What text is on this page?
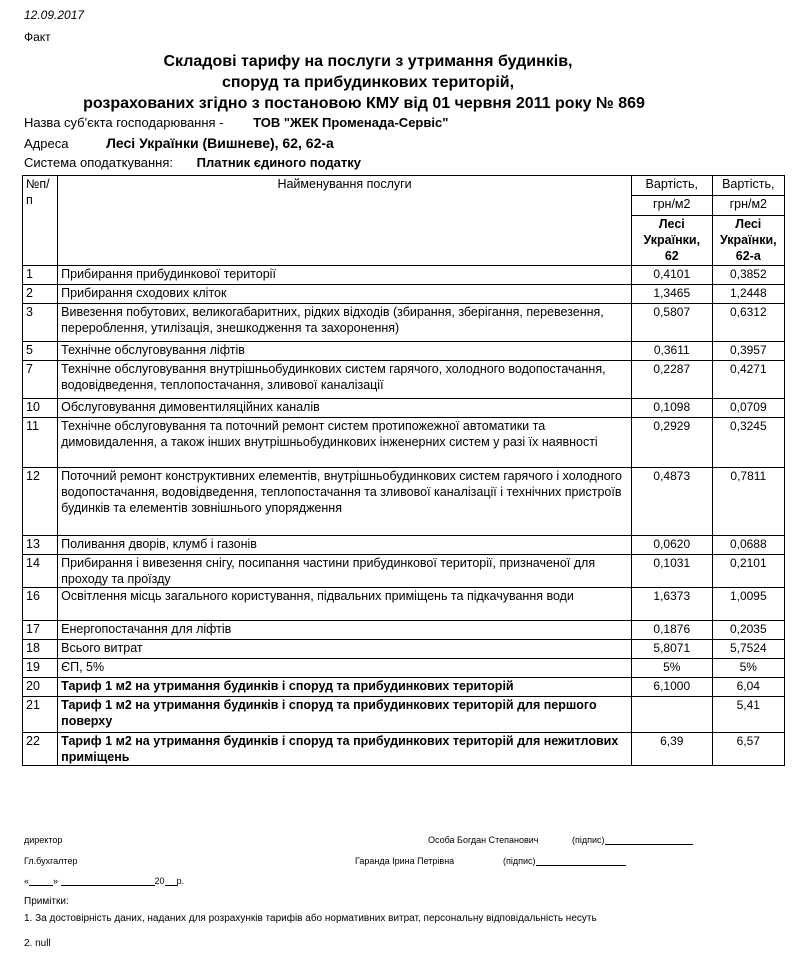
12.09.2017
Факт
Складові тарифу на послуги з утримання будинків,
споруд та прибудинкових територій,
розрахованих згідно з постановою КМУ від 01 червня 2011 року № 869
Назва суб'єкта господарювання - ТОВ "ЖЕК Променада-Сервіс"
Адреса	Лесі Українки (Вишневе), 62, 62-а
Система оподаткування: Платник єдиного податку
№п/п	Найменування послуги	Вартість,	Вартість,
		грн/м2	грн/м2
		Лесі Українки, 62	Лесі Українки, 62-а
1	Прибирання прибудинкової території	0,4101	0,3852
2	Прибирання сходових кліток	1,3465	1,2448
3	Вивезення побутових, великогабаритних, рідких відходів (збирання, зберігання, перевезення, перероблення, утилізація, знешкодження та захоронення)	0,5807	0,6312
5	Технічне обслуговування ліфтів	0,3611	0,3957
7	Технічне обслуговування внутрішньобудинкових систем гарячого, холодного водопостачання, водовідведення, теплопостачання, зливової каналізації	0,2287	0,4271
10	Обслуговування димовентиляційних каналів	0,1098	0,0709
11	Технічне обслуговування та поточний ремонт систем протипожежної автоматики та димовидалення, а також інших внутрішньобудинкових інженерних систем у разі їх наявності	0,2929	0,3245
12	Поточний ремонт конструктивних елементів, внутрішньобудинкових систем гарячого і холодного водопостачання, водовідведення, теплопостачання та зливової каналізації і технічних пристроїв будинків та елементів зовнішнього упорядження	0,4873	0,7811
13	Поливання дворів, клумб і газонів	0,0620	0,0688
14	Прибирання і вивезення снігу, посипання частини прибудинкової території, призначеної для проходу та проїзду	0,1031	0,2101
16	Освітлення місць загального користування, підвальних приміщень та підкачування води	1,6373	1,0095
17	Енергопостачання для ліфтів	0,1876	0,2035
18	Всього витрат	5,8071	5,7524
19	ЄП, 5%	5%	5%
20	Тариф 1 м2 на утримання будинків і споруд та прибудинкових територій	6,1000	6,04
21	Тариф 1 м2 на утримання будинків і споруд та прибудинкових територій для першого поверху		5,41
22	Тариф 1 м2 на утримання будинків і споруд та прибудинкових територій для нежитлових приміщень	6,39	6,57
директор	Особа Богдан Степанович	(підпис)
Гл.бухгалтер	Гаранда Ірина Петрівна	(підпис)
«	»	20 р.
Примітки:
1. За достовірність даних, наданих для розрахунків тарифів або нормативних витрат, персональну відповідальність несуть
2. null
